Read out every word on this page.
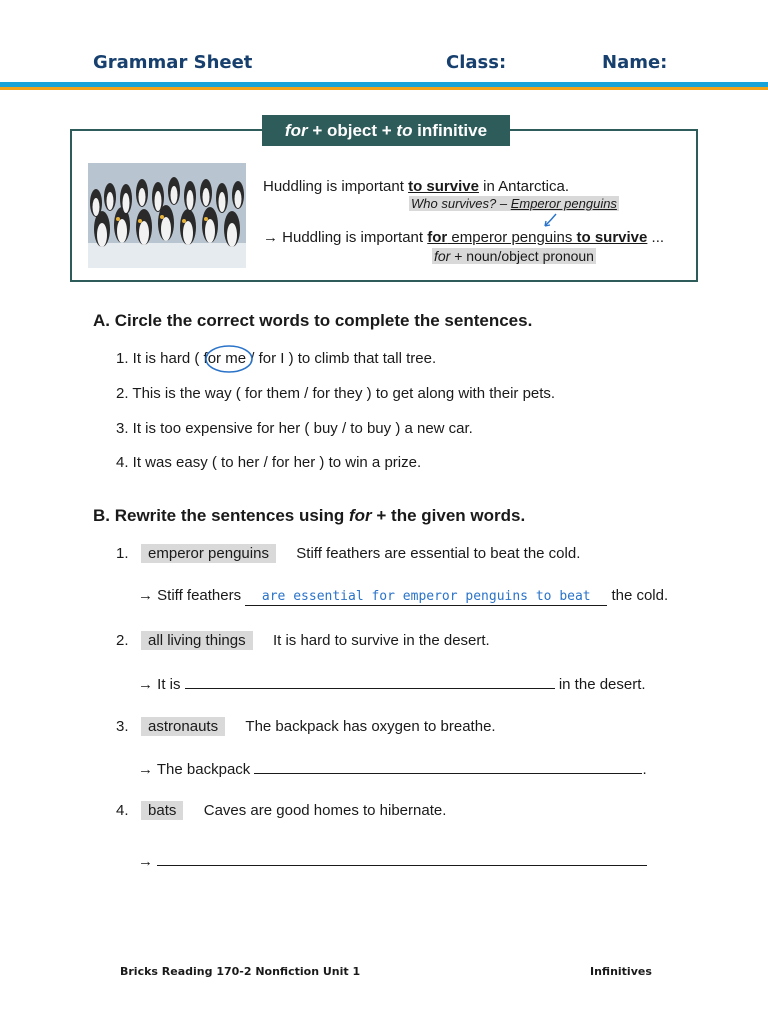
Grammar Sheet	Class:	Name:
for + object + to infinitive
Huddling is important to survive in Antarctica.
Who survives? – Emperor penguins
→ Huddling is important for emperor penguins to survive ...
for + noun/object pronoun
A. Circle the correct words to complete the sentences.
1. It is hard ( for me / for I ) to climb that tall tree.
2. This is the way ( for them / for they ) to get along with their pets.
3. It is too expensive for her ( buy / to buy ) a new car.
4. It was easy ( to her / for her ) to win a prize.
B. Rewrite the sentences using for + the given words.
1. emperor penguins Stiff feathers are essential to beat the cold.
→ Stiff feathers are essential for emperor penguins to beat the cold.
2. all living things It is hard to survive in the desert.
→ It is	in the desert.
3. astronauts The backpack has oxygen to breathe.
→ The backpack	.
4. bats Caves are good homes to hibernate.
→
Bricks Reading 170-2 Nonfiction Unit 1	Infinitives
